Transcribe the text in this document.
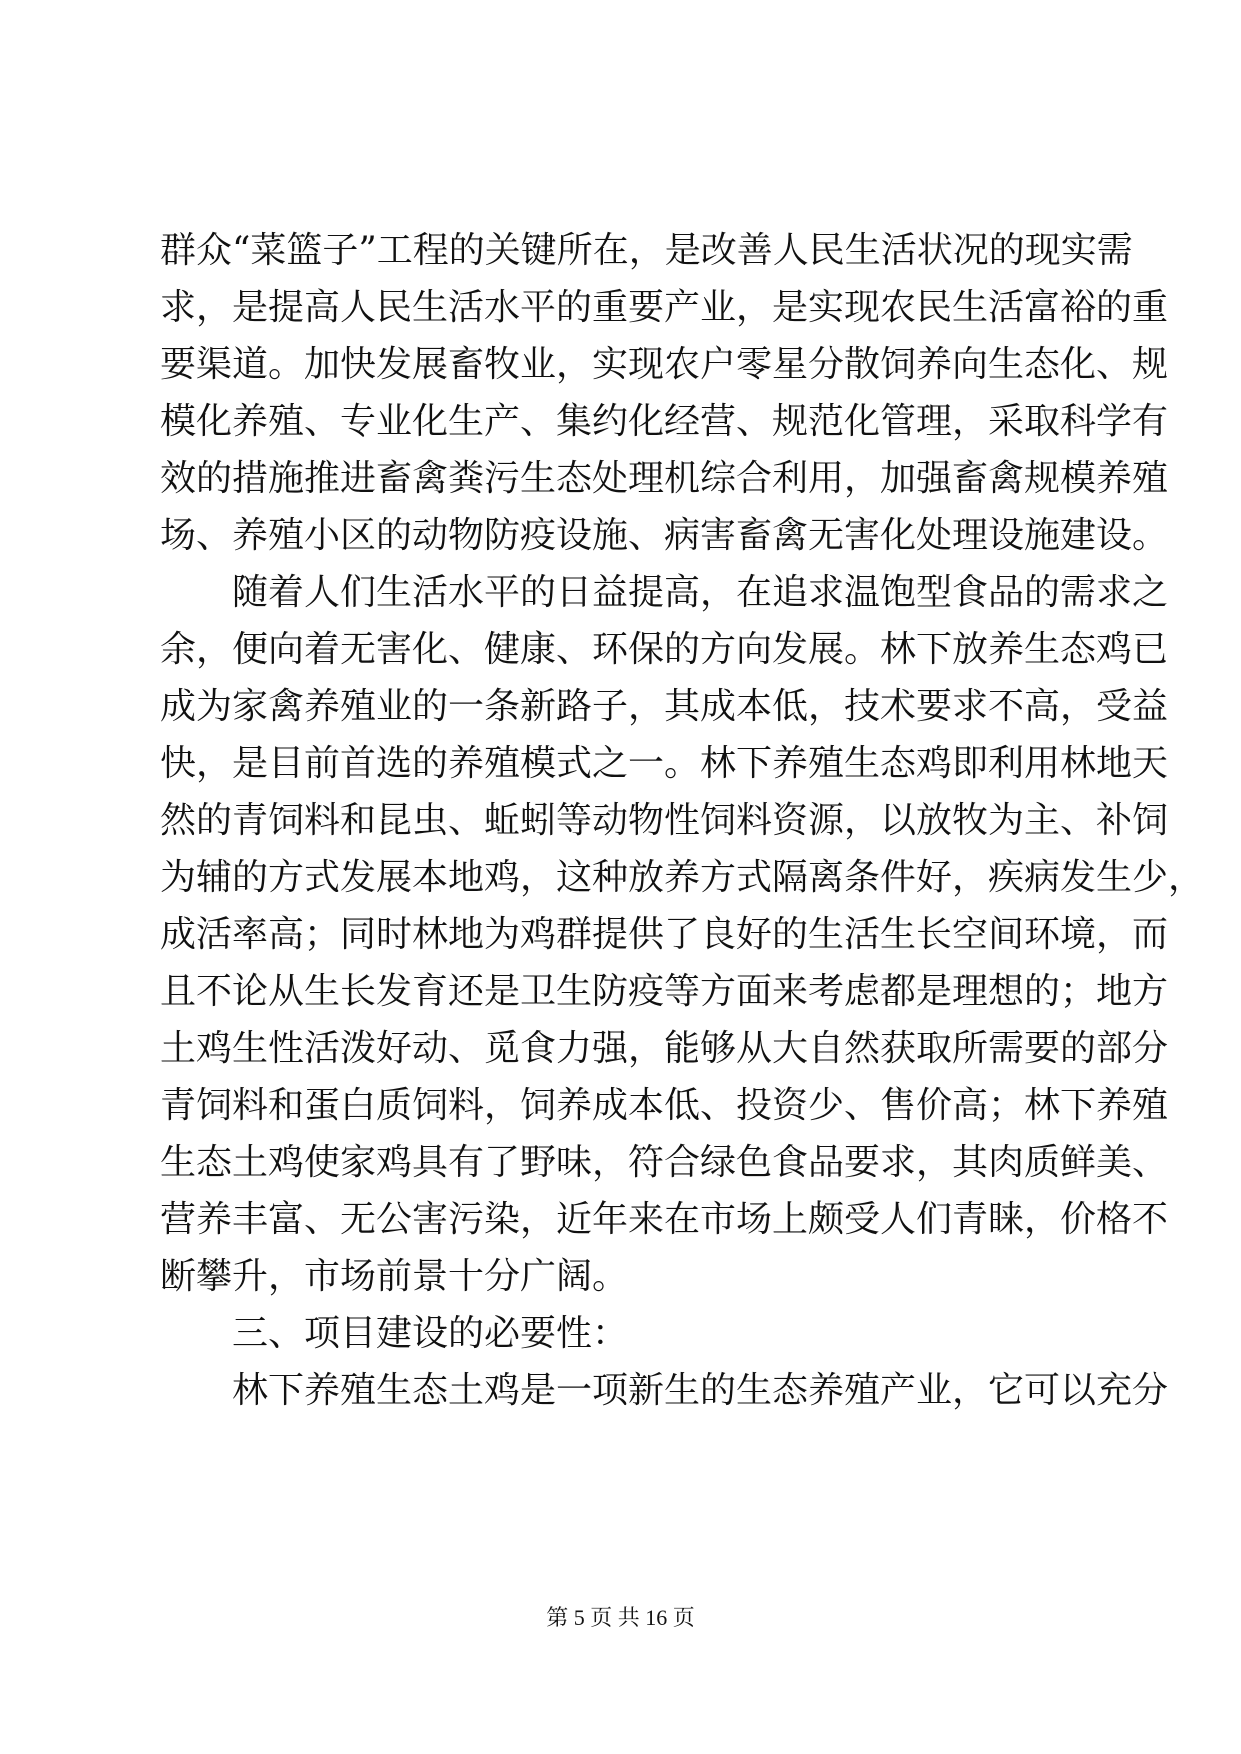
群众“菜篮子”工程的关键所在，是改善人民生活状况的现实需
求，是提高人民生活水平的重要产业，是实现农民生活富裕的重
要渠道。加快发展畜牧业，实现农户零星分散饲养向生态化、规
模化养殖、专业化生产、集约化经营、规范化管理，采取科学有
效的措施推进畜禽粪污生态处理机综合利用，加强畜禽规模养殖
场、养殖小区的动物防疫设施、病害畜禽无害化处理设施建设。
随着人们生活水平的日益提高，在追求温饱型食品的需求之
余，便向着无害化、健康、环保的方向发展。林下放养生态鸡已
成为家禽养殖业的一条新路子，其成本低，技术要求不高，受益
快，是目前首选的养殖模式之一。林下养殖生态鸡即利用林地天
然的青饲料和昆虫、蚯蚓等动物性饲料资源，以放牧为主、补饲
为辅的方式发展本地鸡，这种放养方式隔离条件好，疾病发生少，
成活率高；同时林地为鸡群提供了良好的生活生长空间环境，而
且不论从生长发育还是卫生防疫等方面来考虑都是理想的；地方
土鸡生性活泼好动、觅食力强，能够从大自然获取所需要的部分
青饲料和蛋白质饲料，饲养成本低、投资少、售价高；林下养殖
生态土鸡使家鸡具有了野味，符合绿色食品要求，其肉质鲜美、
营养丰富、无公害污染，近年来在市场上颇受人们青睐，价格不
断攀升，市场前景十分广阔。
三、项目建设的必要性：
林下养殖生态土鸡是一项新生的生态养殖产业，它可以充分
第 5 页 共 16 页
